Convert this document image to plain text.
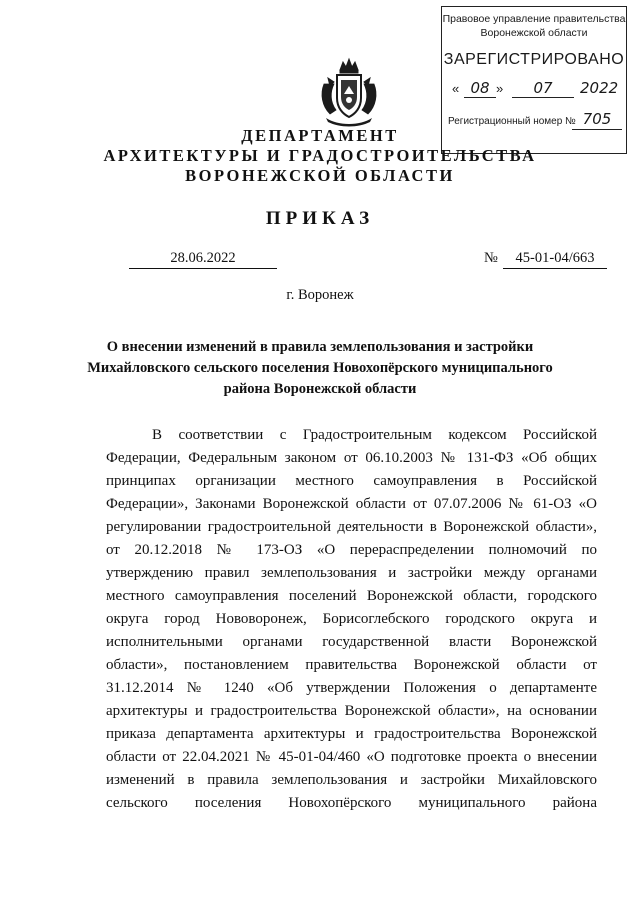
Правовое управление правительства
Воронежской области
ЗАРЕГИСТРИРОВАНО
« 08 »	07	2022
Регистрационный номер № 705
ДЕПАРТАМЕНТ
АРХИТЕКТУРЫ И ГРАДОСТРОИТЕЛЬСТВА
ВОРОНЕЖСКОЙ ОБЛАСТИ
ПРИКАЗ
28.06.2022	№	45-01-04/663
г. Воронеж
О внесении изменений в правила землепользования и застройки
Михайловского сельского поселения Новохопёрского муниципального
района Воронежской области
В соответствии с Градостроительным кодексом Российской
Федерации, Федеральным законом от 06.10.2003 № 131-ФЗ «Об общих
принципах организации местного самоуправления в Российской
Федерации», Законами Воронежской области от 07.07.2006 № 61-ОЗ «О
регулировании градостроительной деятельности в Воронежской области»,
от 20.12.2018 № 173-ОЗ «О перераспределении полномочий по
утверждению правил землепользования и застройки между органами
местного самоуправления поселений Воронежской области, городского
округа город Нововоронеж, Борисоглебского городского округа и
исполнительными органами государственной власти Воронежской
области», постановлением правительства Воронежской области от
31.12.2014 № 1240 «Об утверждении Положения о департаменте
архитектуры и градостроительства Воронежской области», на основании
приказа департамента архитектуры и градостроительства Воронежской
области от 22.04.2021 № 45-01-04/460 «О подготовке проекта о внесении
изменений в правила землепользования и застройки Михайловского
сельского поселения Новохопёрского муниципального района
